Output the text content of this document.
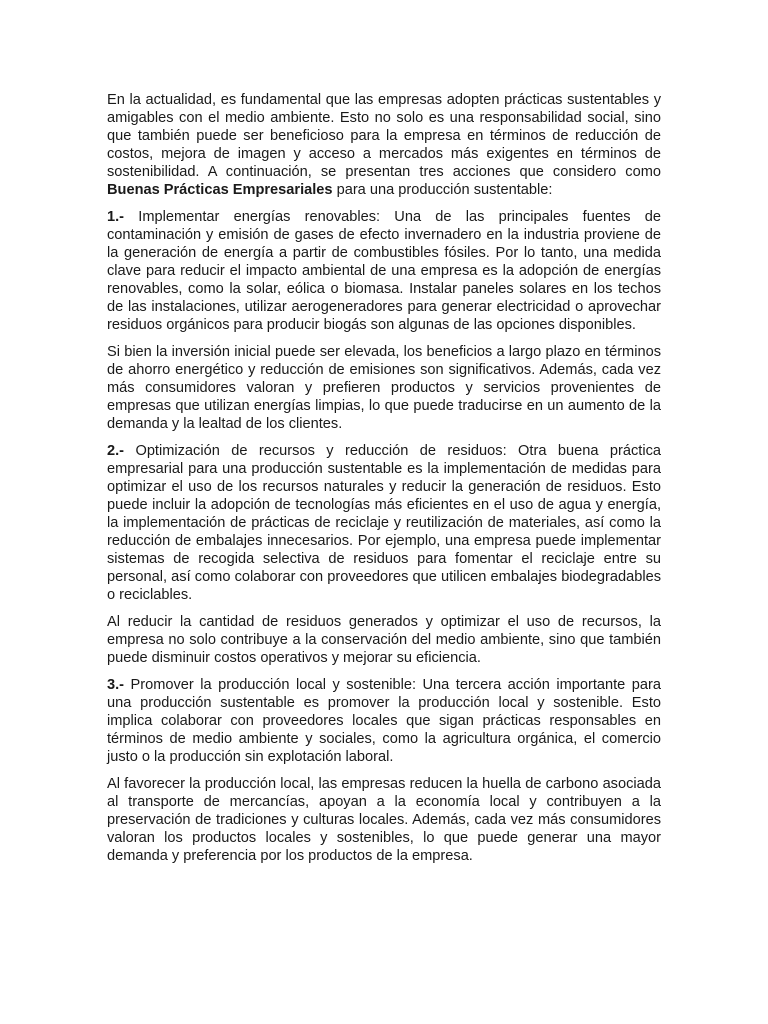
En la actualidad, es fundamental que las empresas adopten prácticas sustentables y amigables con el medio ambiente. Esto no solo es una responsabilidad social, sino que también puede ser beneficioso para la empresa en términos de reducción de costos, mejora de imagen y acceso a mercados más exigentes en términos de sostenibilidad. A continuación, se presentan tres acciones que considero como Buenas Prácticas Empresariales para una producción sustentable:

1.- Implementar energías renovables: Una de las principales fuentes de contaminación y emisión de gases de efecto invernadero en la industria proviene de la generación de energía a partir de combustibles fósiles. Por lo tanto, una medida clave para reducir el impacto ambiental de una empresa es la adopción de energías renovables, como la solar, eólica o biomasa. Instalar paneles solares en los techos de las instalaciones, utilizar aerogeneradores para generar electricidad o aprovechar residuos orgánicos para producir biogás son algunas de las opciones disponibles.

Si bien la inversión inicial puede ser elevada, los beneficios a largo plazo en términos de ahorro energético y reducción de emisiones son significativos. Además, cada vez más consumidores valoran y prefieren productos y servicios provenientes de empresas que utilizan energías limpias, lo que puede traducirse en un aumento de la demanda y la lealtad de los clientes.

2.- Optimización de recursos y reducción de residuos: Otra buena práctica empresarial para una producción sustentable es la implementación de medidas para optimizar el uso de los recursos naturales y reducir la generación de residuos. Esto puede incluir la adopción de tecnologías más eficientes en el uso de agua y energía, la implementación de prácticas de reciclaje y reutilización de materiales, así como la reducción de embalajes innecesarios. Por ejemplo, una empresa puede implementar sistemas de recogida selectiva de residuos para fomentar el reciclaje entre su personal, así como colaborar con proveedores que utilicen embalajes biodegradables o reciclables.

Al reducir la cantidad de residuos generados y optimizar el uso de recursos, la empresa no solo contribuye a la conservación del medio ambiente, sino que también puede disminuir costos operativos y mejorar su eficiencia.

3.- Promover la producción local y sostenible: Una tercera acción importante para una producción sustentable es promover la producción local y sostenible. Esto implica colaborar con proveedores locales que sigan prácticas responsables en términos de medio ambiente y sociales, como la agricultura orgánica, el comercio justo o la producción sin explotación laboral.

Al favorecer la producción local, las empresas reducen la huella de carbono asociada al transporte de mercancías, apoyan a la economía local y contribuyen a la preservación de tradiciones y culturas locales. Además, cada vez más consumidores valoran los productos locales y sostenibles, lo que puede generar una mayor demanda y preferencia por los productos de la empresa.
